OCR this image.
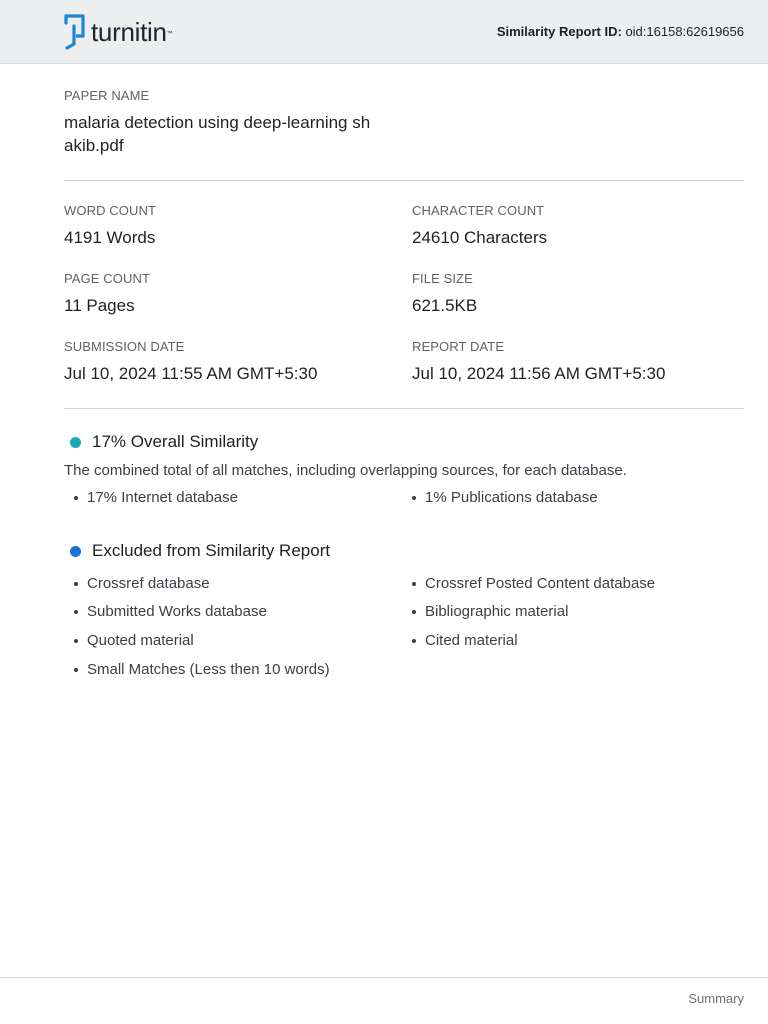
turnitin ™	Similarity Report ID: oid:16158:62619656
PAPER NAME
malaria detection using deep-learning sh
akib.pdf
WORD COUNT
4191 Words
CHARACTER COUNT
24610 Characters
PAGE COUNT
11 Pages
FILE SIZE
621.5KB
SUBMISSION DATE
Jul 10, 2024 11:55 AM GMT+5:30
REPORT DATE
Jul 10, 2024 11:56 AM GMT+5:30
17% Overall Similarity
The combined total of all matches, including overlapping sources, for each database.
17% Internet database	1% Publications database
Excluded from Similarity Report
Crossref database	Crossref Posted Content database
Submitted Works database	Bibliographic material
Quoted material	Cited material
Small Matches (Less then 10 words)
Summary
